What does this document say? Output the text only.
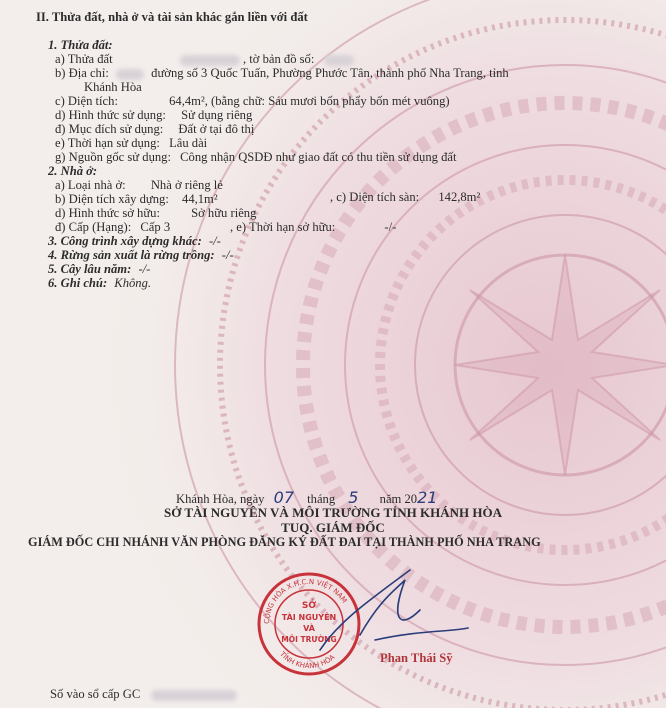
II. Thửa đất, nhà ở và tài sản khác gắn liền với đất
1. Thửa đất:
a) Thửa đất	, tờ bản đồ số:
b) Địa chỉ:	đường số 3 Quốc Tuấn, Phường Phước Tân, thành phố Nha Trang, tỉnh
Khánh Hòa
c) Diện tích:	64,4m², (bằng chữ: Sáu mươi bốn phẩy bốn mét vuông)
d) Hình thức sử dụng: Sử dụng riêng
đ) Mục đích sử dụng: Đất ở tại đô thị
e) Thời hạn sử dụng: Lâu dài
g) Nguồn gốc sử dụng: Công nhận QSDĐ như giao đất có thu tiền sử dụng đất
2. Nhà ở:
a) Loại nhà ở: Nhà ở riêng lẻ
b) Diện tích xây dựng: 44,1m²	, c) Diện tích sàn: 142,8m²
d) Hình thức sở hữu: Sở hữu riêng
đ) Cấp (Hạng): Cấp 3	, e) Thời hạn sở hữu:	-/-
3. Công trình xây dựng khác: -/-
4. Rừng sản xuất là rừng trồng: -/-
5. Cây lâu năm: -/-
6. Ghi chú: Không.
Khánh Hòa, ngày 07 tháng 5 năm 2021
SỞ TÀI NGUYÊN VÀ MÔI TRƯỜNG TỈNH KHÁNH HÒA
TUQ. GIÁM ĐỐC
GIÁM ĐỐC CHI NHÁNH VĂN PHÒNG ĐĂNG KÝ ĐẤT ĐAI TẠI THÀNH PHỐ NHA TRANG
CỘNG HÒA X.H.C.N VIỆT NAM
TỈNH KHÁNH HÒA
SỞ
TÀI NGUYÊN
VÀ
MÔI TRƯỜNG
Phan Thái Sỹ
Số vào sổ cấp GC
